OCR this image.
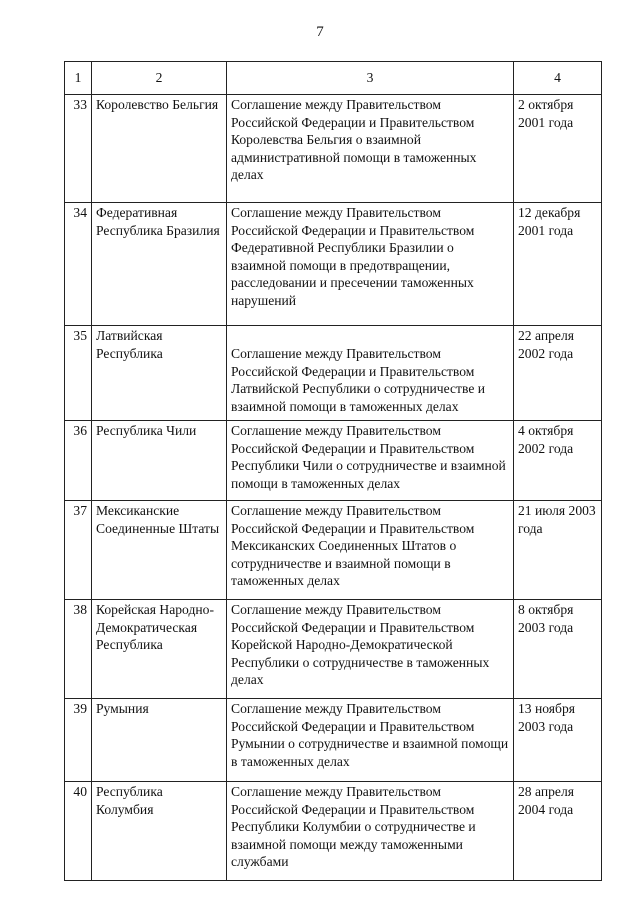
7
1	2	3	4
33	Королевство Бельгия	Соглашение между Правительством Российской Федерации и Правительством Королевства Бельгия о взаимной административной помощи в таможенных делах	2 октября 2001 года
34	Федеративная Республика Бразилия	Соглашение между Правительством Российской Федерации и Правительством Федеративной Республики Бразилии о взаимной помощи в предотвращении, расследовании и пресечении таможенных нарушений	12 декабря 2001 года
35	Латвийская Республика	Соглашение между Правительством Российской Федерации и Правительством Латвийской Республики о сотрудничестве и взаимной помощи в таможенных делах	22 апреля 2002 года
36	Республика Чили	Соглашение между Правительством Российской Федерации и Правительством Республики Чили о сотрудничестве и взаимной помощи в таможенных делах	4 октября 2002 года
37	Мексиканские Соединенные Штаты	Соглашение между Правительством Российской Федерации и Правительством Мексиканских Соединенных Штатов о сотрудничестве и взаимной помощи в таможенных делах	21 июля 2003 года
38	Корейская Народно-Демократическая Республика	Соглашение между Правительством Российской Федерации и Правительством Корейской Народно-Демократической Республики о сотрудничестве в таможенных делах	8 октября 2003 года
39	Румыния	Соглашение между Правительством Российской Федерации и Правительством Румынии о сотрудничестве и взаимной помощи в таможенных делах	13 ноября 2003 года
40	Республика Колумбия	Соглашение между Правительством Российской Федерации и Правительством Республики Колумбии о сотрудничестве и взаимной помощи между таможенными службами	28 апреля 2004 года
